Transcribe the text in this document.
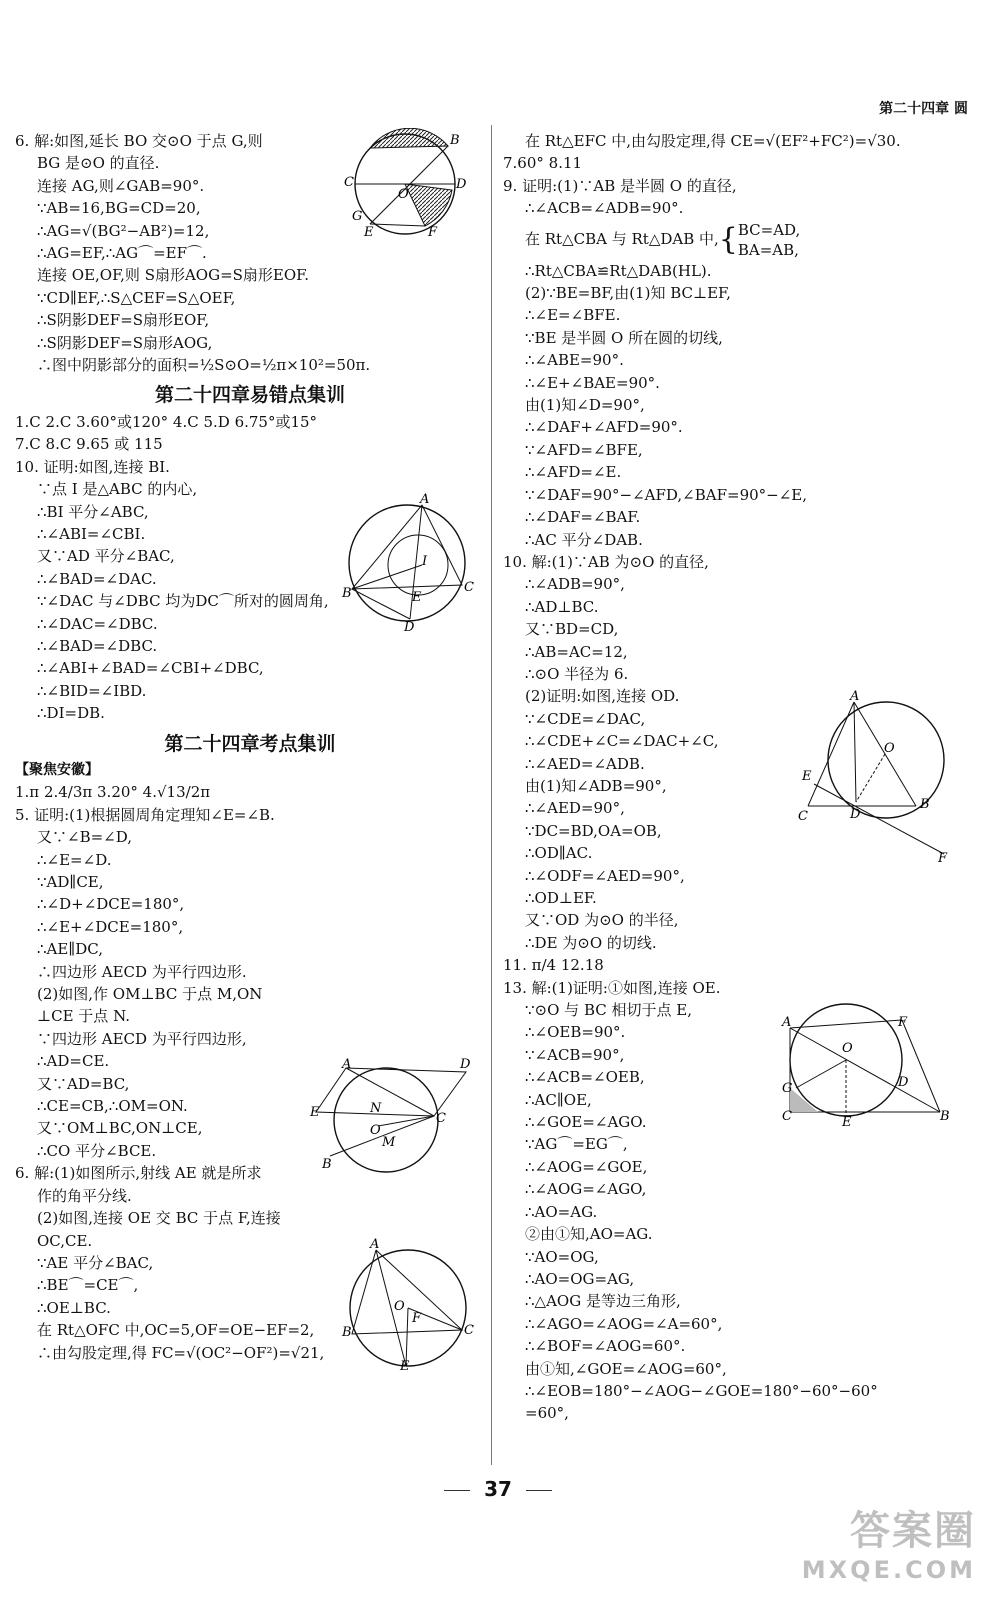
第二十四章 圆
6. 解:如图,延长 BO 交⊙O 于点 G,则
BG 是⊙O 的直径.
连接 AG,则∠GAB=90°.
∵AB=16,BG=CD=20,
∴AG=√(BG²−AB²)=12,
∴AG=EF,∴AG⌒=EF⌒.
连接 OE,OF,则 S扇形AOG=S扇形EOF.
∵CD∥EF,∴S△CEF=S△OEF,
∴S阴影DEF=S扇形EOF,
∴S阴影DEF=S扇形AOG,
∴图中阴影部分的面积=½S⊙O=½π×10²=50π.
第二十四章易错点集训
1.C 2.C 3.60°或120° 4.C 5.D 6.75°或15°
7.C 8.C 9.65 或 115
10. 证明:如图,连接 BI.
∵点 I 是△ABC 的内心,
∴BI 平分∠ABC,
∴∠ABI=∠CBI.
又∵AD 平分∠BAC,
∴∠BAD=∠DAC.
∵∠DAC 与∠DBC 均为DC⌒所对的圆周角,
∴∠DAC=∠DBC.
∴∠BAD=∠DBC.
∴∠ABI+∠BAD=∠CBI+∠DBC,
∴∠BID=∠IBD.
∴DI=DB.
第二十四章考点集训
【聚焦安徽】
1.π 2.4/3π 3.20° 4.√13/2π
5. 证明:(1)根据圆周角定理知∠E=∠B.
又∵∠B=∠D,
∴∠E=∠D.
∵AD∥CE,
∴∠D+∠DCE=180°,
∴∠E+∠DCE=180°,
∴AE∥DC,
∴四边形 AECD 为平行四边形.
(2)如图,作 OM⊥BC 于点 M,ON
⊥CE 于点 N.
∵四边形 AECD 为平行四边形,
∴AD=CE.
又∵AD=BC,
∴CE=CB,∴OM=ON.
又∵OM⊥BC,ON⊥CE,
∴CO 平分∠BCE.
6. 解:(1)如图所示,射线 AE 就是所求
作的角平分线.
(2)如图,连接 OE 交 BC 于点 F,连接
OC,CE.
∵AE 平分∠BAC,
∴BE⌒=CE⌒,
∴OE⊥BC.
在 Rt△OFC 中,OC=5,OF=OE−EF=2,
∴由勾股定理,得 FC=√(OC²−OF²)=√21,
在 Rt△EFC 中,由勾股定理,得 CE=√(EF²+FC²)=√30.
7.60° 8.11
9. 证明:(1)∵AB 是半圆 O 的直径,
∴∠ACB=∠ADB=90°.
在 Rt△CBA 与 Rt△DAB 中,{BC=AD,
BA=AB,
∴Rt△CBA≌Rt△DAB(HL).
(2)∵BE=BF,由(1)知 BC⊥EF,
∴∠E=∠BFE.
∵BE 是半圆 O 所在圆的切线,
∴∠ABE=90°.
∴∠E+∠BAE=90°.
由(1)知∠D=90°,
∴∠DAF+∠AFD=90°.
∵∠AFD=∠BFE,
∴∠AFD=∠E.
∵∠DAF=90°−∠AFD,∠BAF=90°−∠E,
∴∠DAF=∠BAF.
∴AC 平分∠DAB.
10. 解:(1)∵AB 为⊙O 的直径,
∴∠ADB=90°,
∴AD⊥BC.
又∵BD=CD,
∴AB=AC=12,
∴⊙O 半径为 6.
(2)证明:如图,连接 OD.
∵∠CDE=∠DAC,
∴∠CDE+∠C=∠DAC+∠C,
∴∠AED=∠ADB.
由(1)知∠ADB=90°,
∴∠AED=90°,
∵DC=BD,OA=OB,
∴OD∥AC.
∴∠ODF=∠AED=90°,
∴OD⊥EF.
又∵OD 为⊙O 的半径,
∴DE 为⊙O 的切线.
11. π/4 12.18
13. 解:(1)证明:①如图,连接 OE.
∵⊙O 与 BC 相切于点 E,
∴∠OEB=90°.
∵∠ACB=90°,
∴∠ACB=∠OEB,
∴AC∥OE,
∴∠GOE=∠AGO.
∵AG⌒=EG⌒,
∴∠AOG=∠GOE,
∴∠AOG=∠AGO,
∴AO=AG.
②由①知,AO=AG.
∵AO=OG,
∴AO=OG=AG,
∴△AOG 是等边三角形,
∴∠AGO=∠AOG=∠A=60°,
∴∠BOF=∠AOG=60°.
由①知,∠GOE=∠AOG=60°,
∴∠EOB=180°−∠AOG−∠GOE=180°−60°−60°
=60°,
B
C	D
O
G
E	F
A
B	C
D
E
I
A	D
E	C
B
O
N
M
A
B	C
E
F
O
A
O
E
C	D
B
F
A	F
O
G
C	E
D
B
37
答案圈
MXQE.COM
